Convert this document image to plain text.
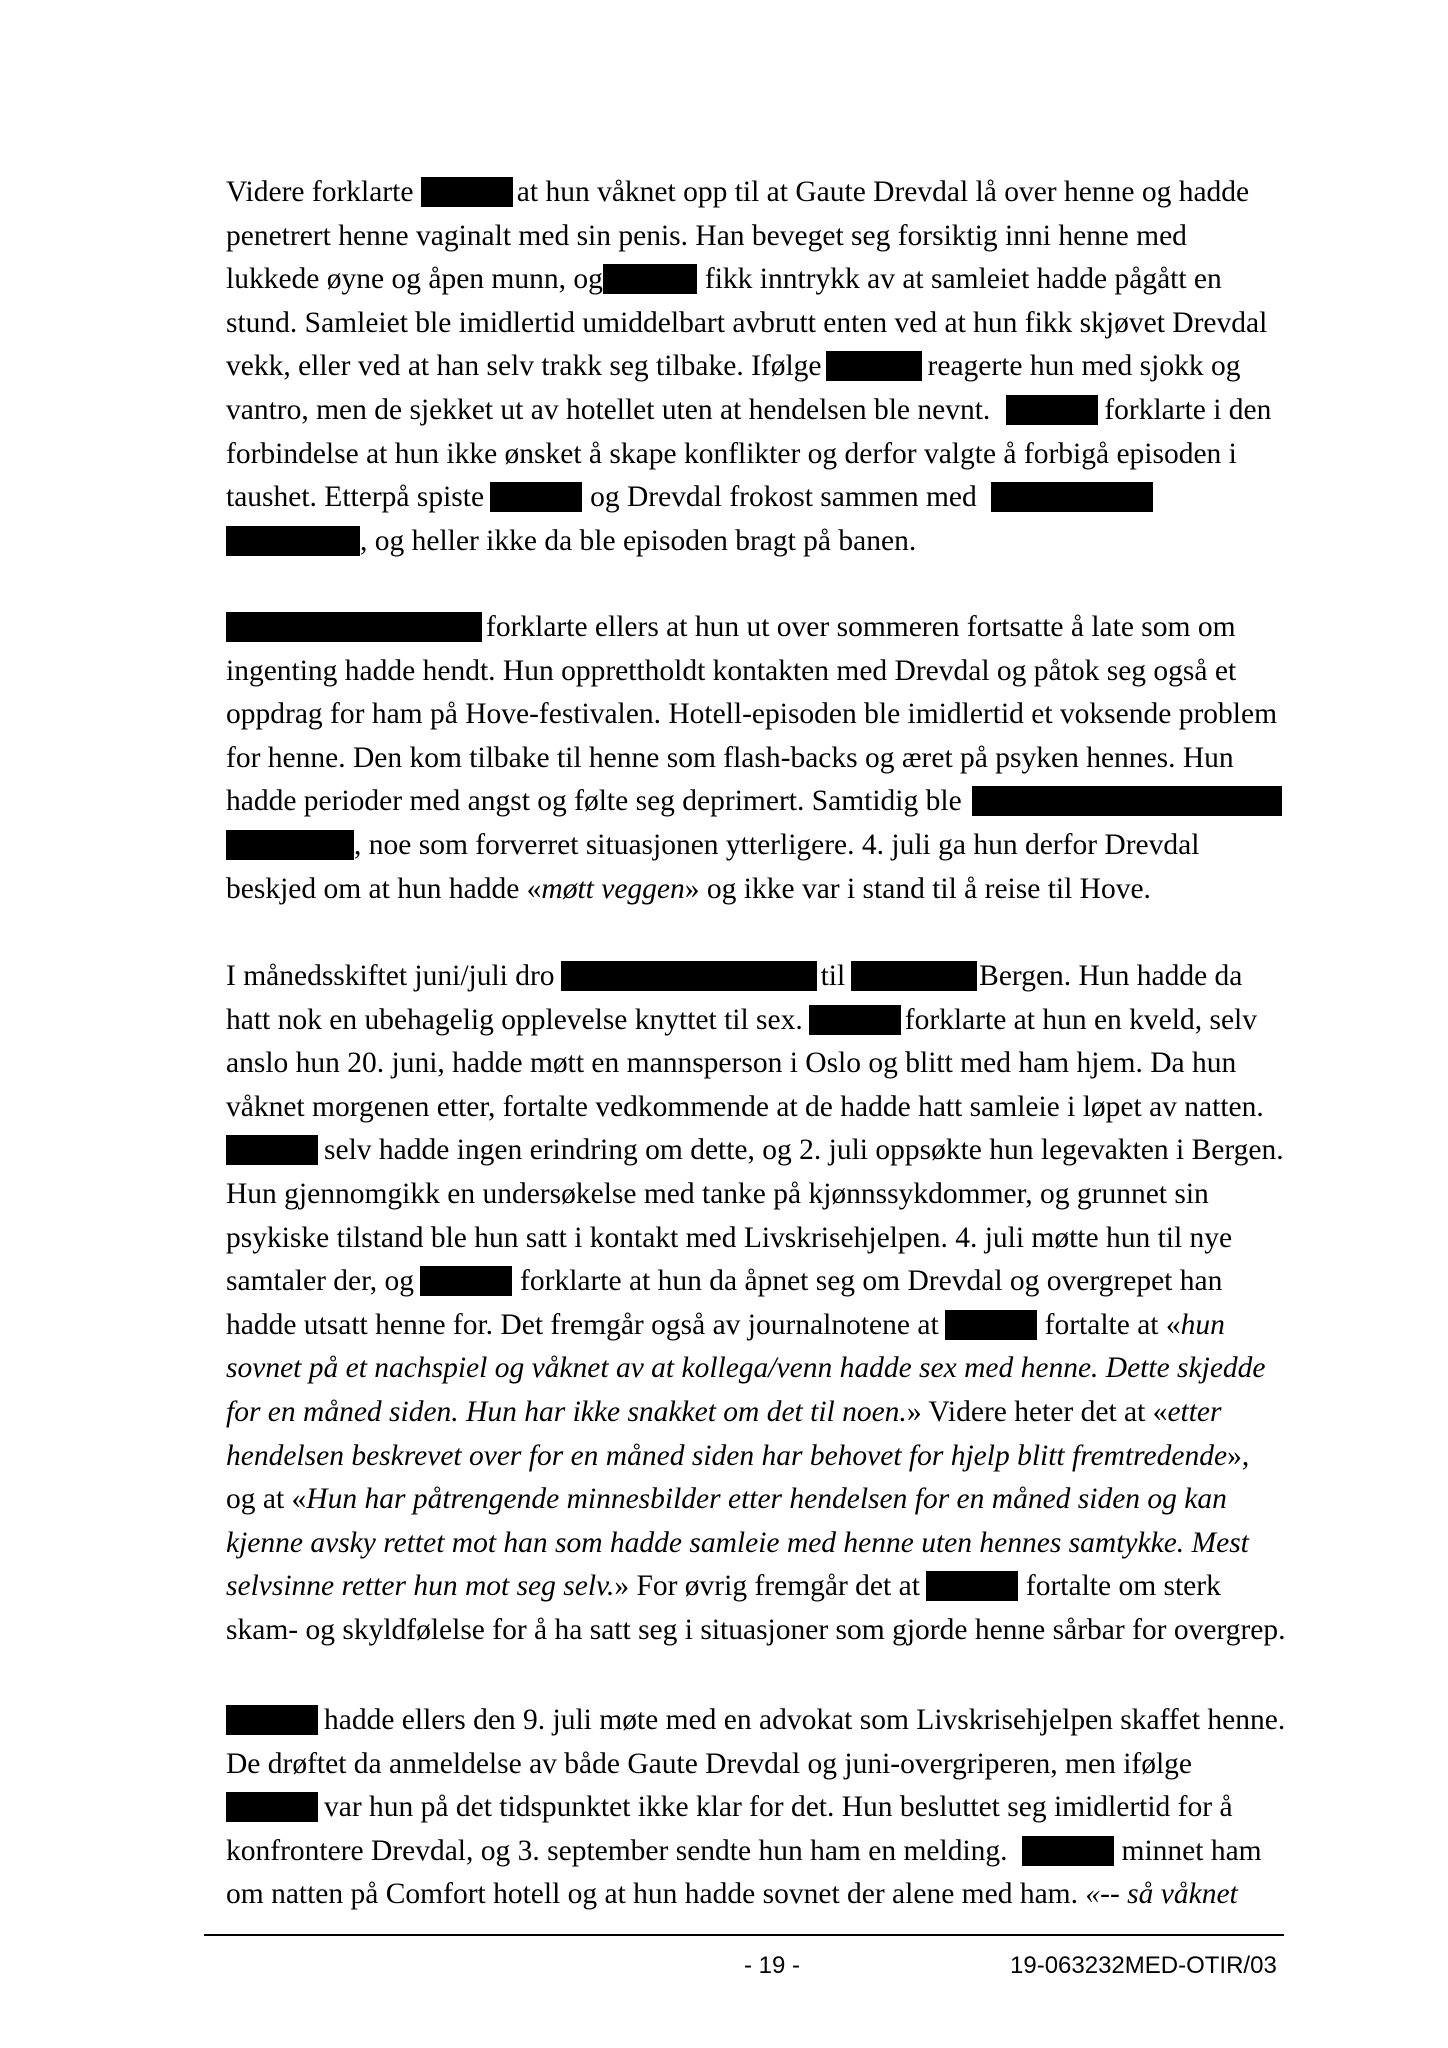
Videre forklarte	at hun våknet opp til at Gaute Drevdal lå over henne og hadde
penetrert henne vaginalt med sin penis. Han beveget seg forsiktig inni henne med
lukkede øyne og åpen munn, og	fikk inntrykk av at samleiet hadde pågått en
stund. Samleiet ble imidlertid umiddelbart avbrutt enten ved at hun fikk skjøvet Drevdal
vekk, eller ved at han selv trakk seg tilbake. Ifølge	reagerte hun med sjokk og
vantro, men de sjekket ut av hotellet uten at hendelsen ble nevnt.	forklarte i den
forbindelse at hun ikke ønsket å skape konflikter og derfor valgte å forbigå episoden i
taushet. Etterpå spiste	og Drevdal frokost sammen med
, og heller ikke da ble episoden bragt på banen.
forklarte ellers at hun ut over sommeren fortsatte å late som om
ingenting hadde hendt. Hun opprettholdt kontakten med Drevdal og påtok seg også et
oppdrag for ham på Hove-festivalen. Hotell-episoden ble imidlertid et voksende problem
for henne. Den kom tilbake til henne som flash-backs og æret på psyken hennes. Hun
hadde perioder med angst og følte seg deprimert. Samtidig ble
, noe som forverret situasjonen ytterligere. 4. juli ga hun derfor Drevdal
beskjed om at hun hadde «møtt veggen» og ikke var i stand til å reise til Hove.
I månedsskiftet juni/juli dro	til	Bergen. Hun hadde da
hatt nok en ubehagelig opplevelse knyttet til sex.	forklarte at hun en kveld, selv
anslo hun 20. juni, hadde møtt en mannsperson i Oslo og blitt med ham hjem. Da hun
våknet morgenen etter, fortalte vedkommende at de hadde hatt samleie i løpet av natten.
selv hadde ingen erindring om dette, og 2. juli oppsøkte hun legevakten i Bergen.
Hun gjennomgikk en undersøkelse med tanke på kjønnssykdommer, og grunnet sin
psykiske tilstand ble hun satt i kontakt med Livskrisehjelpen. 4. juli møtte hun til nye
samtaler der, og	forklarte at hun da åpnet seg om Drevdal og overgrepet han
hadde utsatt henne for. Det fremgår også av journalnotene at	fortalte at «hun
sovnet på et nachspiel og våknet av at kollega/venn hadde sex med henne. Dette skjedde
for en måned siden. Hun har ikke snakket om det til noen.» Videre heter det at «etter
hendelsen beskrevet over for en måned siden har behovet for hjelp blitt fremtredende»,
og at «Hun har påtrengende minnesbilder etter hendelsen for en måned siden og kan
kjenne avsky rettet mot han som hadde samleie med henne uten hennes samtykke. Mest
selvsinne retter hun mot seg selv.» For øvrig fremgår det at	fortalte om sterk
skam- og skyldfølelse for å ha satt seg i situasjoner som gjorde henne sårbar for overgrep.
hadde ellers den 9. juli møte med en advokat som Livskrisehjelpen skaffet henne.
De drøftet da anmeldelse av både Gaute Drevdal og juni-overgriperen, men ifølge
var hun på det tidspunktet ikke klar for det. Hun besluttet seg imidlertid for å
konfrontere Drevdal, og 3. september sendte hun ham en melding.	minnet ham
om natten på Comfort hotell og at hun hadde sovnet der alene med ham. «-- så våknet
- 19 -	19-063232MED-OTIR/03
